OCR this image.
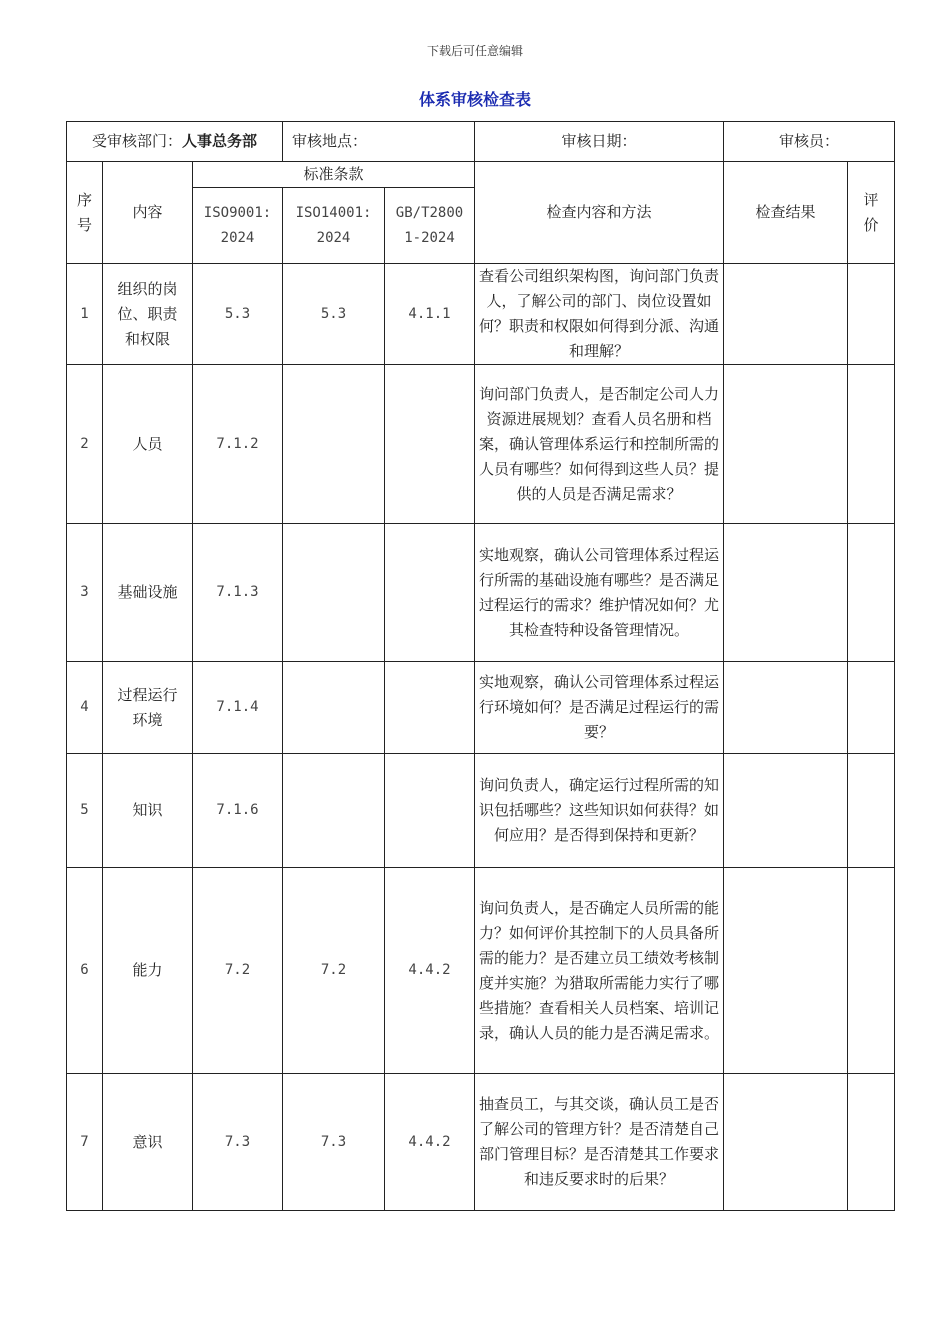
下载后可任意编辑
体系审核检查表
受审核部门：人事总务部			审核地点：		审核日期：	审核员：	
序号	内容	标准条款			检查内容和方法	检查结果	评价
		ISO9001:2024	ISO14001:2024	GB/T28001-2024			
1	组织的岗位、职责和权限	5.3	5.3	4.1.1	查看公司组织架构图，询问部门负责人，了解公司的部门、岗位设置如何？职责和权限如何得到分派、沟通和理解？		
2	人员	7.1.2			询问部门负责人，是否制定公司人力资源进展规划？查看人员名册和档案，确认管理体系运行和控制所需的人员有哪些？如何得到这些人员？提供的人员是否满足需求？		
3	基础设施	7.1.3			实地观察，确认公司管理体系过程运行所需的基础设施有哪些？是否满足过程运行的需求？维护情况如何？尤其检查特种设备管理情况。		
4	过程运行环境	7.1.4			实地观察，确认公司管理体系过程运行环境如何？是否满足过程运行的需要？		
5	知识	7.1.6			询问负责人，确定运行过程所需的知识包括哪些？这些知识如何获得？如何应用？是否得到保持和更新？		
6	能力	7.2	7.2	4.4.2	询问负责人，是否确定人员所需的能力？如何评价其控制下的人员具备所需的能力？是否建立员工绩效考核制度并实施？为猎取所需能力实行了哪些措施？查看相关人员档案、培训记录，确认人员的能力是否满足需求。		
7	意识	7.3	7.3	4.4.2	抽查员工，与其交谈，确认员工是否了解公司的管理方针？是否清楚自己部门管理目标？是否清楚其工作要求和违反要求时的后果？		
